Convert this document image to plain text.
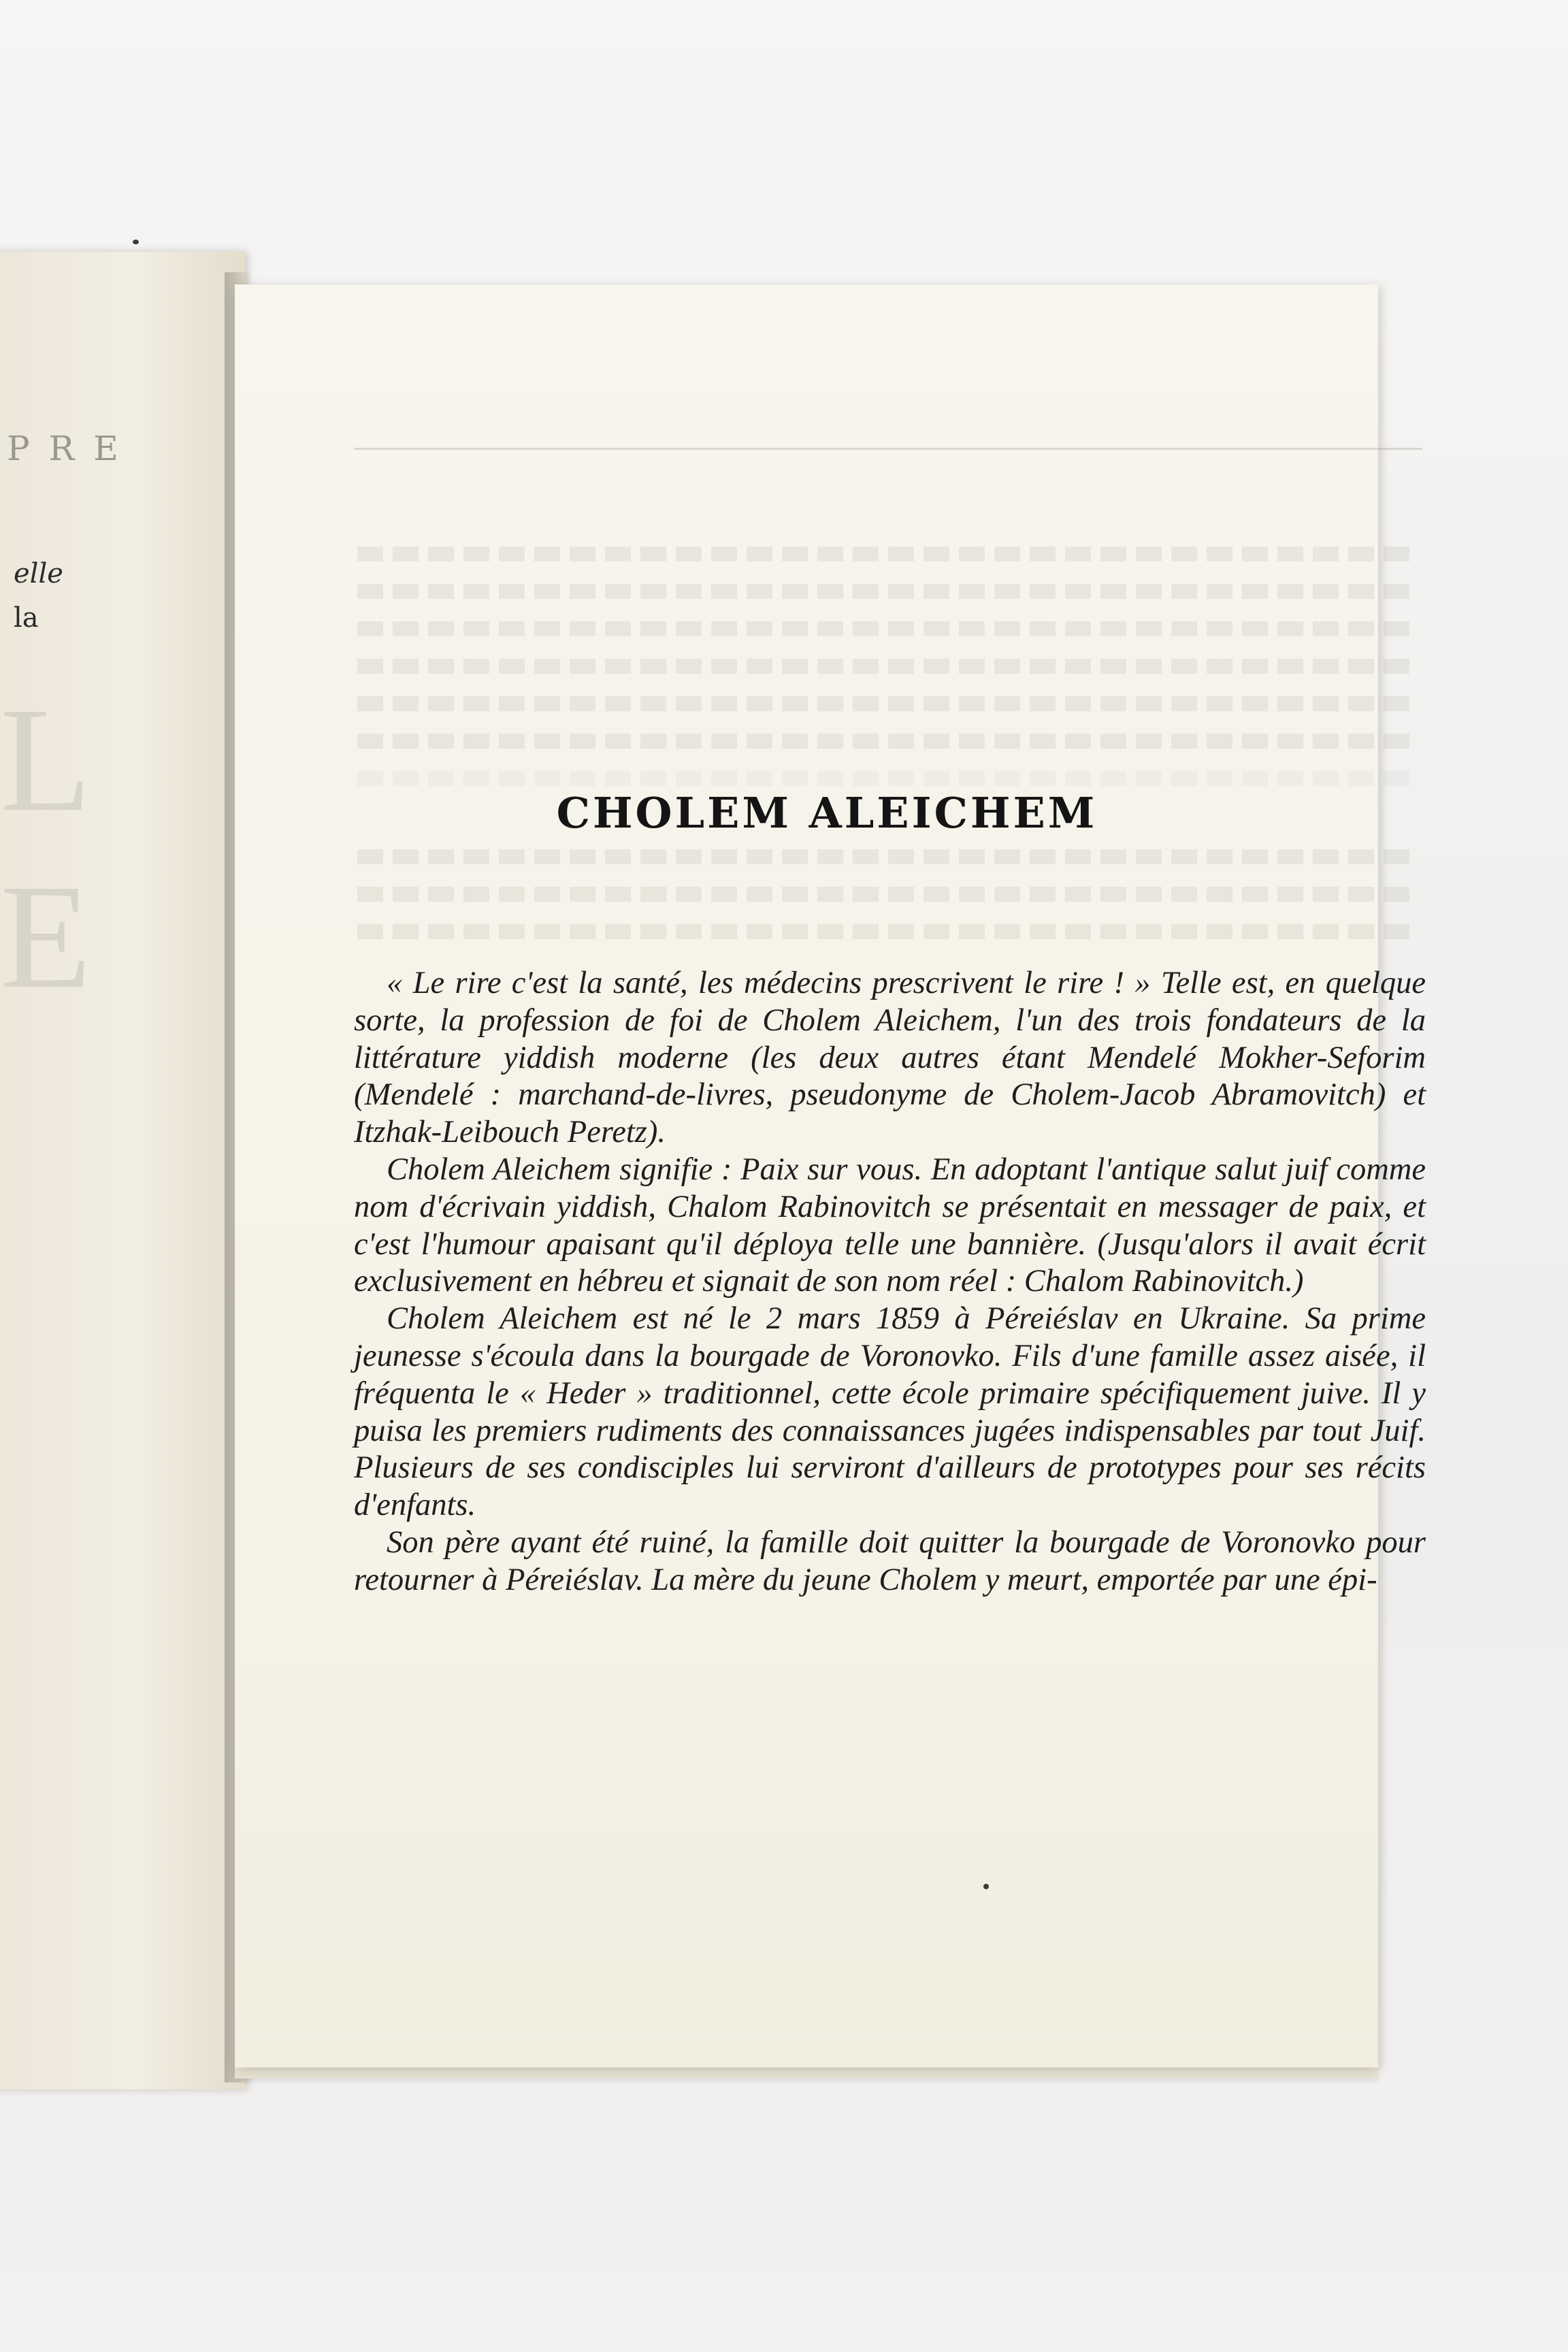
PRE
elle
la
L
E
CHOLEM ALEICHEM

« Le rire c'est la santé, les médecins prescrivent le rire ! » Telle est, en quelque sorte, la profession de foi de Cholem Aleichem, l'un des trois fondateurs de la littérature yiddish moderne (les deux autres étant Mendelé Mokher-Seforim (Mendelé : marchand-de-livres, pseudonyme de Cholem-Jacob Abramovitch) et Itzhak-Leibouch Peretz).

Cholem Aleichem signifie : Paix sur vous. En adoptant l'antique salut juif comme nom d'écrivain yiddish, Chalom Rabinovitch se présentait en messager de paix, et c'est l'humour apaisant qu'il déploya telle une bannière. (Jusqu'alors il avait écrit exclusivement en hébreu et signait de son nom réel : Chalom Rabinovitch.)

Cholem Aleichem est né le 2 mars 1859 à Péreiéslav en Ukraine. Sa prime jeunesse s'écoula dans la bourgade de Voronovko. Fils d'une famille assez aisée, il fréquenta le « Heder » traditionnel, cette école primaire spécifiquement juive. Il y puisa les premiers rudiments des connaissances jugées indispensables par tout Juif. Plusieurs de ses condisciples lui serviront d'ailleurs de prototypes pour ses récits d'enfants.

Son père ayant été ruiné, la famille doit quitter la bourgade de Voronovko pour retourner à Péreiéslav. La mère du jeune Cholem y meurt, emportée par une épi-
